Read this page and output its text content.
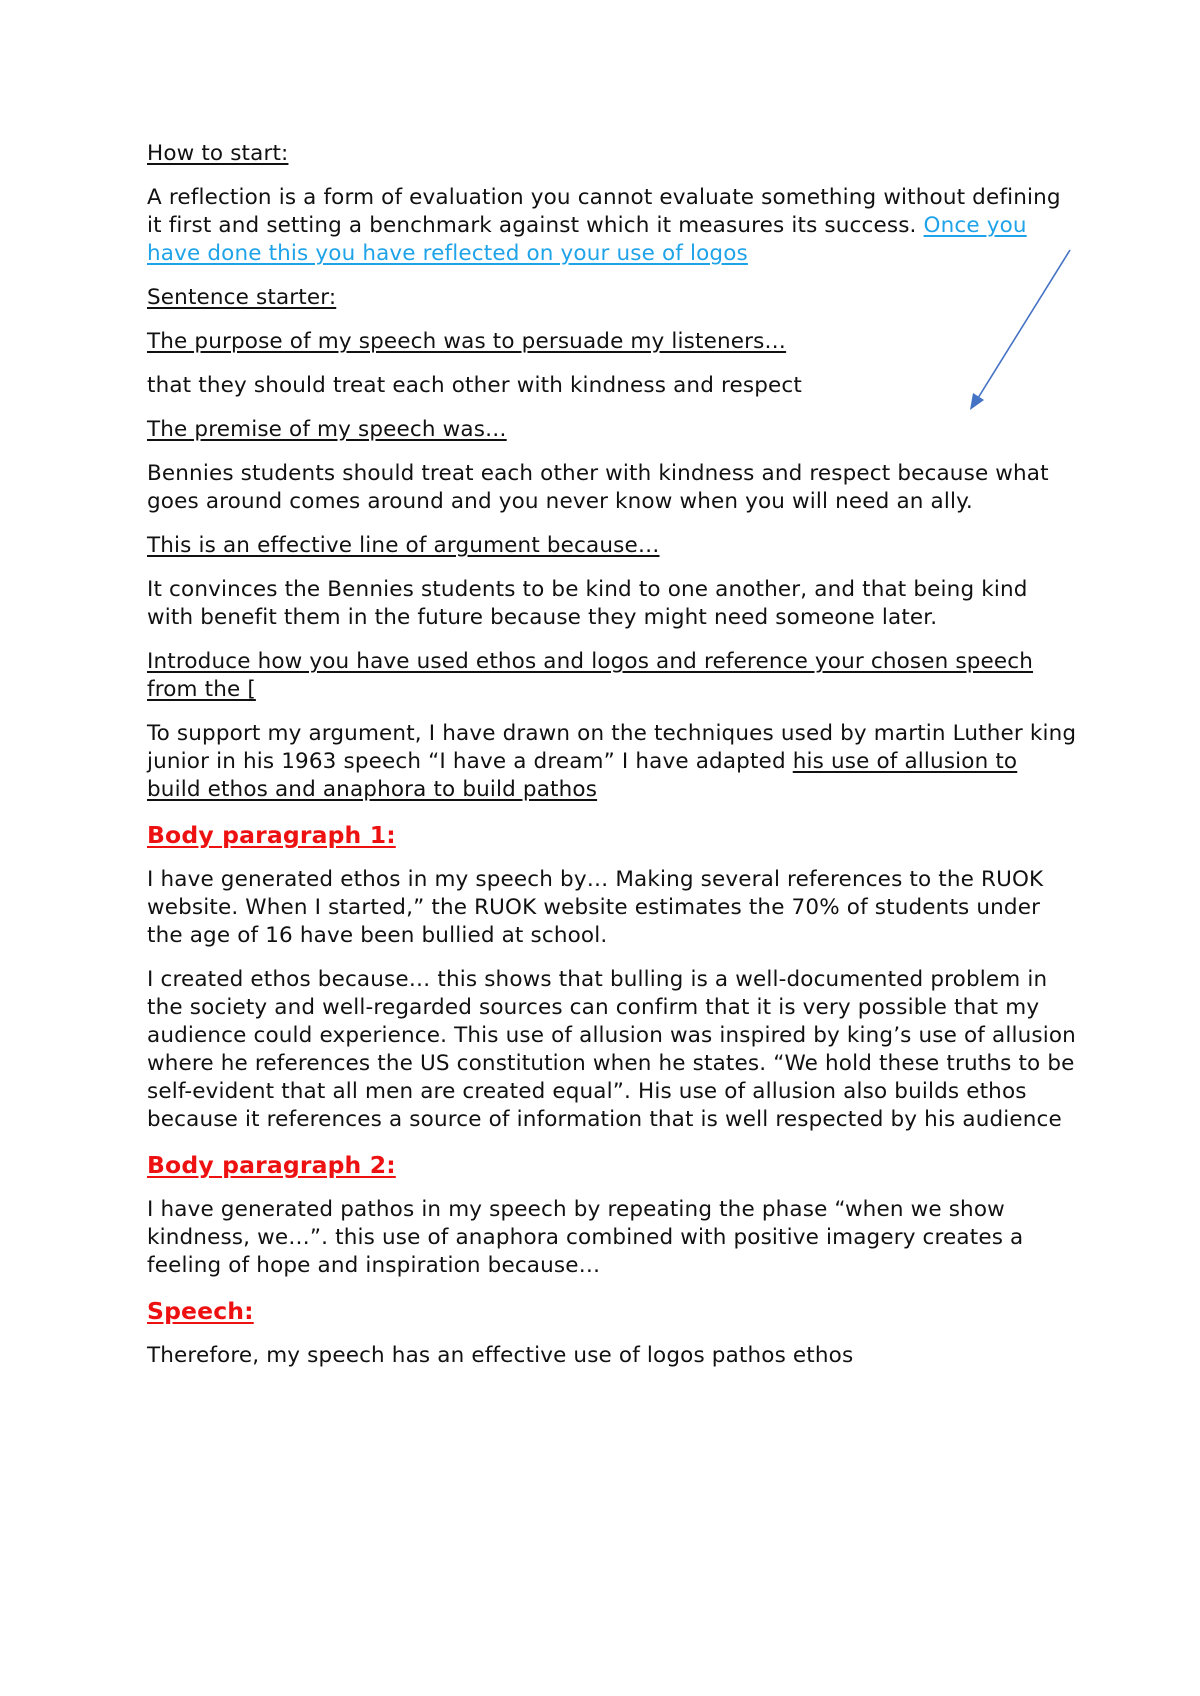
How to start:

A reflection is a form of evaluation you cannot evaluate something without defining it first and setting a benchmark against which it measures its success. Once you have done this you have reflected on your use of logos

Sentence starter:

The purpose of my speech was to persuade my listeners…

that they should treat each other with kindness and respect

The premise of my speech was…

Bennies students should treat each other with kindness and respect because what goes around comes around and you never know when you will need an ally.

This is an effective line of argument because…

It convinces the Bennies students to be kind to one another, and that being kind with benefit them in the future because they might need someone later.

Introduce how you have used ethos and logos and reference your chosen speech from the [

To support my argument, I have drawn on the techniques used by martin Luther king junior in his 1963 speech “I have a dream” I have adapted his use of allusion to build ethos and anaphora to build pathos

Body paragraph 1:

I have generated ethos in my speech by… Making several references to the RUOK website. When I started,” the RUOK website estimates the 70% of students under the age of 16 have been bullied at school.

I created ethos because… this shows that bulling is a well-documented problem in the society and well-regarded sources can confirm that it is very possible that my audience could experience. This use of allusion was inspired by king’s use of allusion where he references the US constitution when he states. “We hold these truths to be self-evident that all men are created equal”. His use of allusion also builds ethos because it references a source of information that is well respected by his audience

Body paragraph 2:

I have generated pathos in my speech by repeating the phase “when we show kindness, we…”. this use of anaphora combined with positive imagery creates a feeling of hope and inspiration because…

Speech:

Therefore, my speech has an effective use of logos pathos ethos
